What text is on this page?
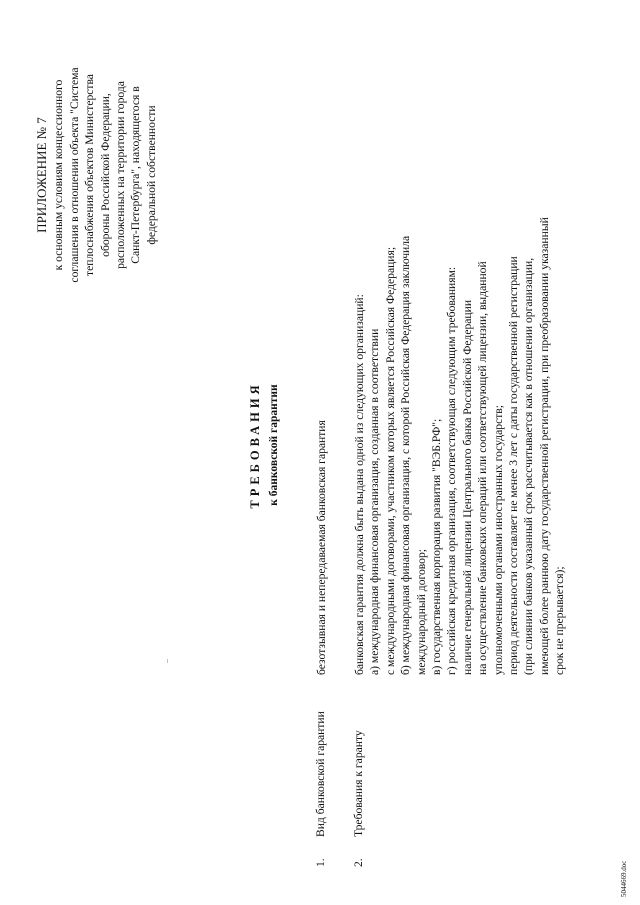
ПРИЛОЖЕНИЕ № 7 к основным условиям концессионного соглашения в отношении объекта "Система теплоснабжения объектов Министерства обороны Российской Федерации, расположенных на территории города Санкт-Петербурга", находящегося в федеральной собственности
ТРЕБОВАНИЯ к банковской гарантии
1.
Вид банковской гарантии
безотзывная и непередаваемая банковская гарантия
2.
Требования к гаранту
банковская гарантия должна быть выдана одной из следующих организаций: а) международная финансовая организация, созданная в соответствии с международными договорами, участником которых является Российская Федерация; б) международная финансовая организация, с которой Российская Федерация заключила международный договор; в) государственная корпорация развития "ВЭБ.РФ"; г) российская кредитная организация, соответствующая следующим требованиям: наличие генеральной лицензии Центрального банка Российской Федерации на осуществление банковских операций или соответствующей лицензии, выданной уполномоченными органами иностранных государств; период деятельности составляет не менее 3 лет с даты государственной регистрации (при слиянии банков указанный срок рассчитывается как в отношении организации, имеющей более раннюю дату государственной регистрации, при преобразовании указанный срок не прерывается);
5044669.doc
